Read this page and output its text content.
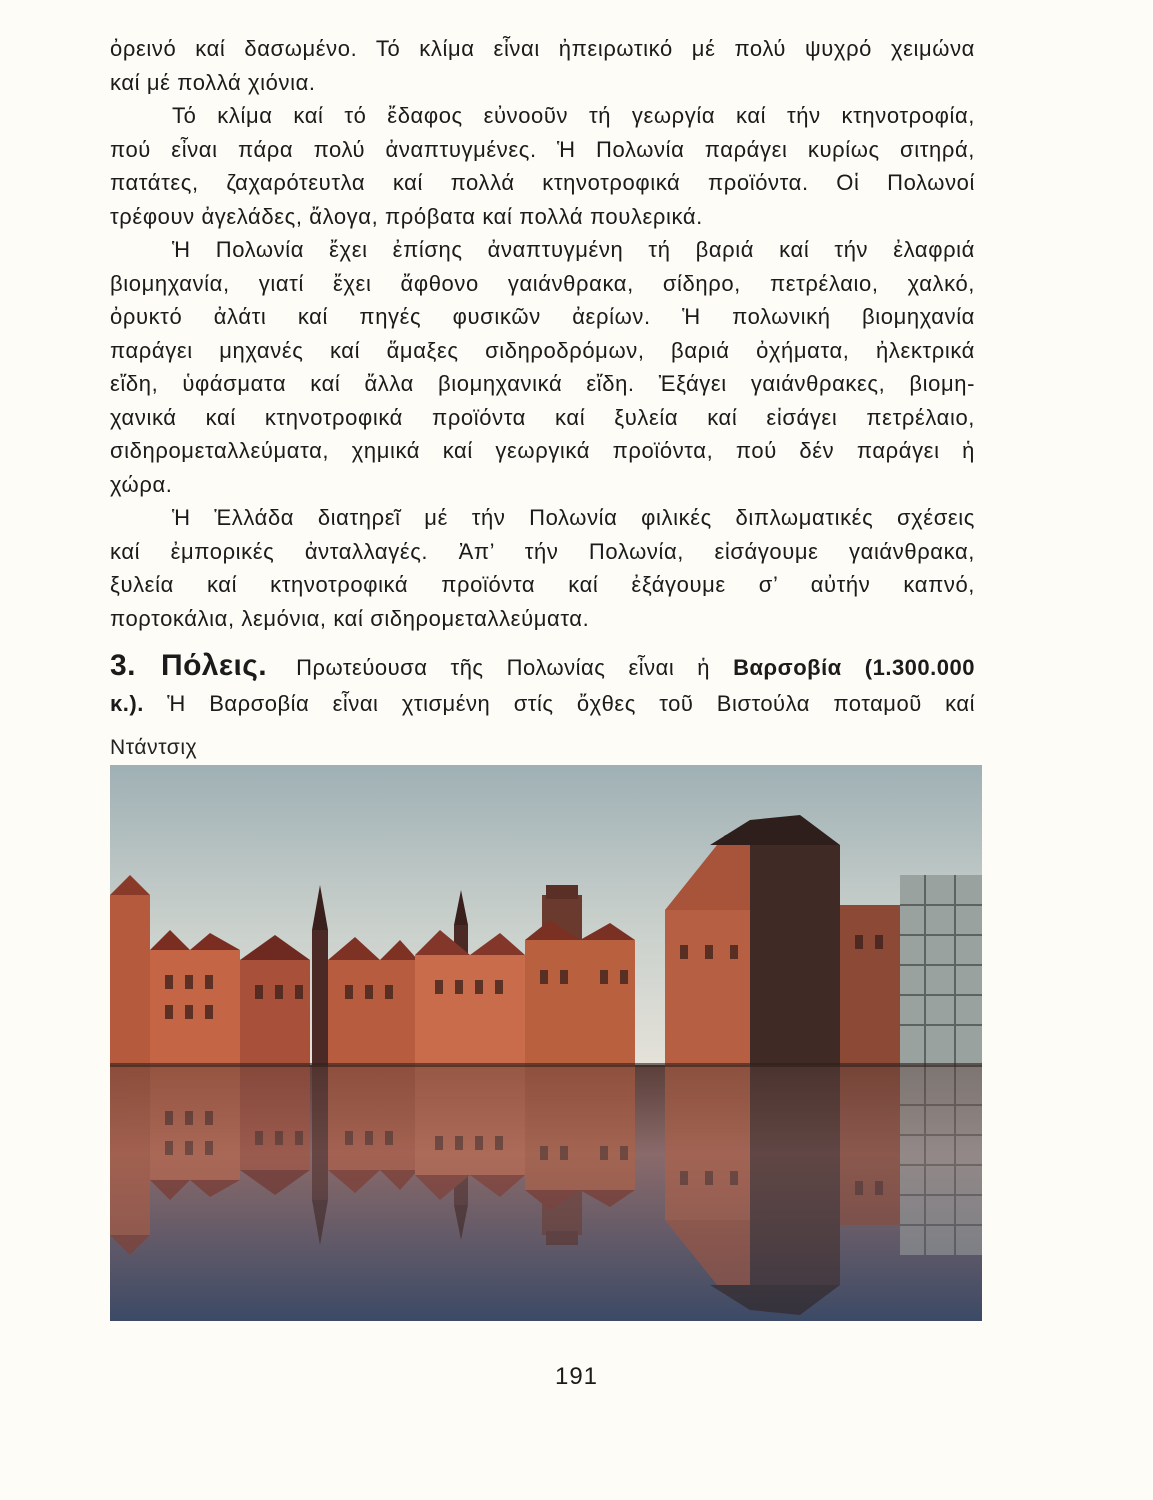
ὀρεινό καί δασωμένο. Τό κλίμα εἶναι ἠπειρωτικό μέ πολύ ψυχρό χειμώνα
καί μέ πολλά χιόνια.
Τό κλίμα καί τό ἔδαφος εὐνοοῦν τή γεωργία καί τήν κτηνοτροφία,
πού εἶναι πάρα πολύ ἀναπτυγμένες. Ἡ Πολωνία παράγει κυρίως σιτηρά,
πατάτες, ζαχαρότευτλα καί πολλά κτηνοτροφικά προϊόντα. Οἱ Πολωνοί
τρέφουν ἀγελάδες, ἄλογα, πρόβατα καί πολλά πουλερικά.
Ἡ Πολωνία ἔχει ἐπίσης ἀναπτυγμένη τή βαριά καί τήν ἐλαφριά
βιομηχανία, γιατί ἔχει ἄφθονο γαιάνθρακα, σίδηρο, πετρέλαιο, χαλκό,
ὀρυκτό ἀλάτι καί πηγές φυσικῶν ἀερίων. Ἡ πολωνική βιομηχανία
παράγει μηχανές καί ἅμαξες σιδηροδρόμων, βαριά ὀχήματα, ἠλεκτρικά
εἴδη, ὑφάσματα καί ἄλλα βιομηχανικά εἴδη. Ἐξάγει γαιάνθρακες, βιομη-
χανικά καί κτηνοτροφικά προϊόντα καί ξυλεία καί εἰσάγει πετρέλαιο,
σιδηρομεταλλεύματα, χημικά καί γεωργικά προϊόντα, πού δέν παράγει ἡ
χώρα.
Ἡ Ἑλλάδα διατηρεῖ μέ τήν Πολωνία φιλικές διπλωματικές σχέσεις
καί ἐμπορικές ἀνταλλαγές. Ἀπ’ τήν Πολωνία, εἰσάγουμε γαιάνθρακα,
ξυλεία καί κτηνοτροφικά προϊόντα καί ἐξάγουμε σ’ αὐτήν καπνό,
πορτοκάλια, λεμόνια, καί σιδηρομεταλλεύματα.
3. Πόλεις. Πρωτεύουσα τῆς Πολωνίας εἶναι ἡ Βαρσοβία (1.300.000
κ.). Ἡ Βαρσοβία εἶναι χτισμένη στίς ὄχθες τοῦ Βιστούλα ποταμοῦ καί
Ντάντσιχ
191
